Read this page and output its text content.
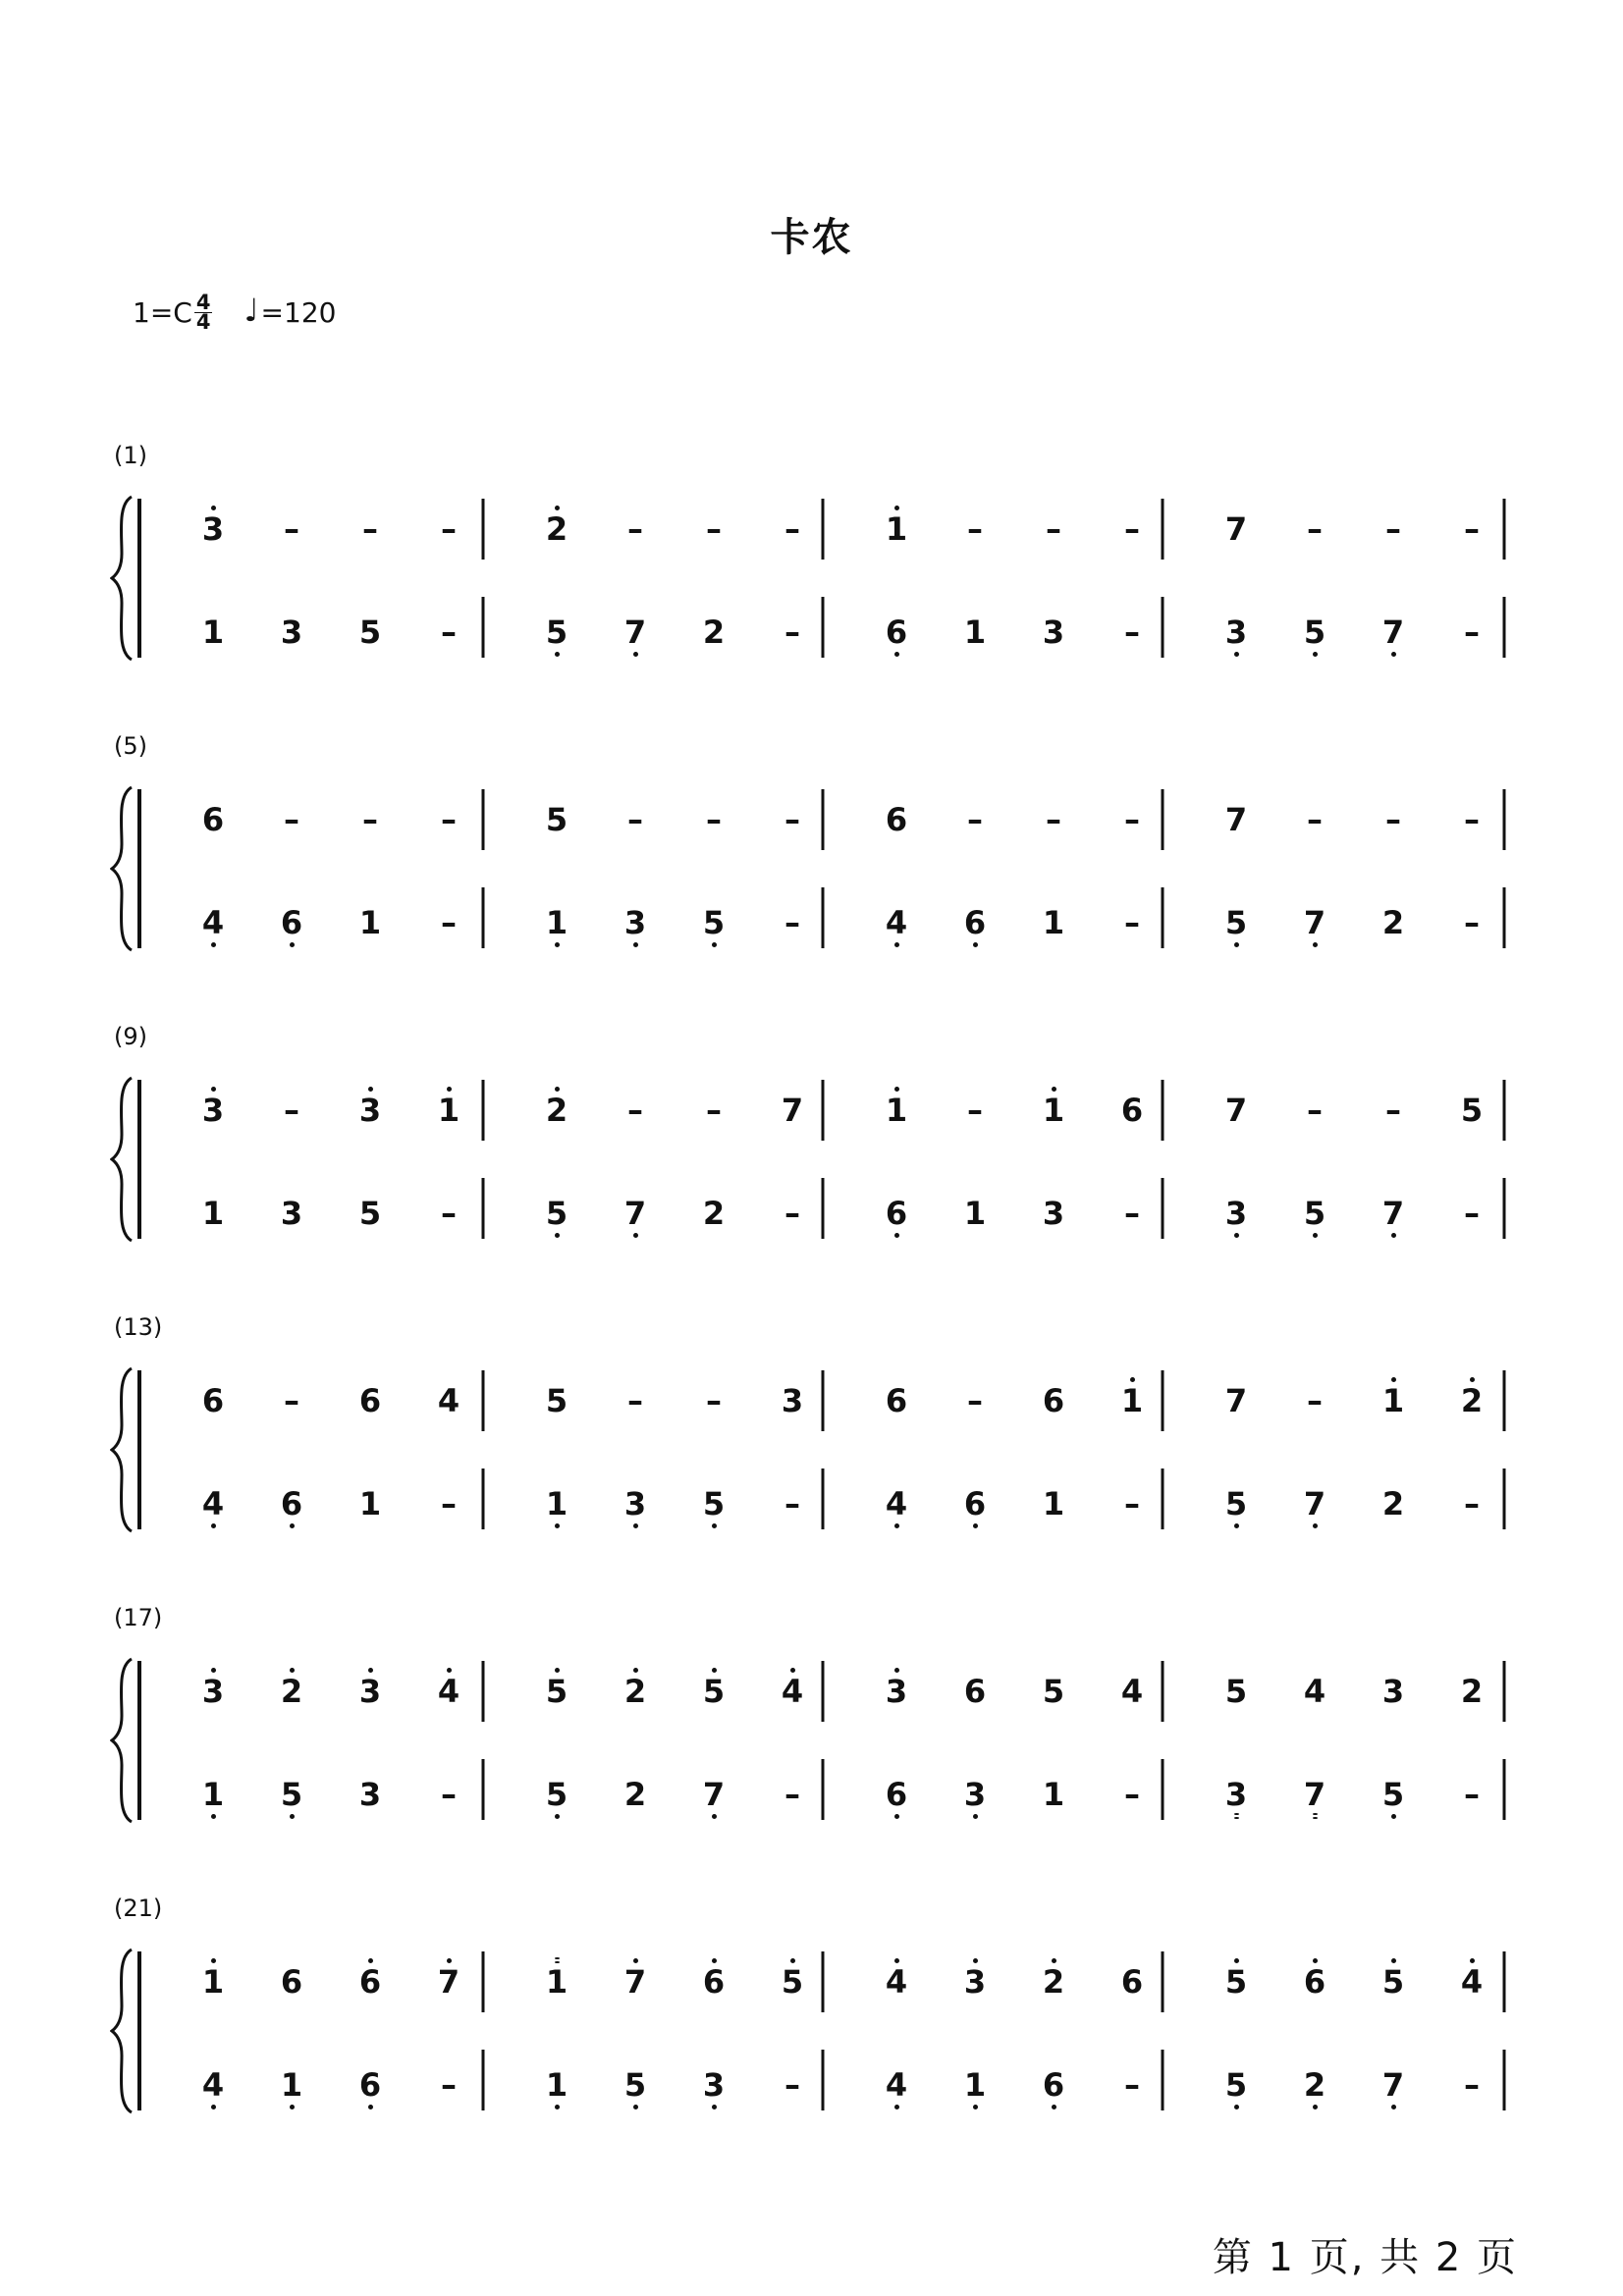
卡农
$1=C \frac{4}{4}$ ♩ =120
(1)
3 – – –	2 – – –	1 – – –	7 – – –
1 3 5 –	5 7 2 –	6 1 3 –	3 5 7 –
(5)
6 – – –	5 – – –	6 – – –	7 – – –
4 6 1 –	1 3 5 –	4 6 1 –	5 7 2 –
(9)
3 – 3 1	2 – – 7	1 – 1 6	7 – – 5
1 3 5 –	5 7 2 –	6 1 3 –	3 5 7 –
(13)
6 – 6 4	5 – – 3	6 – 6 1	7 – 1 2
4 6 1 –	1 3 5 –	4 6 1 –	5 7 2 –
(17)
3 2 3 4	5 2 5 4	3 6 5 4	5 4 3 2
1 5 3 –	5 2 7 –	6 3 1 –	3 7 5 –
(21)
1 6 6 7	1 7 6 5	4 3 2 6	5 6 5 4
4 1 6 –	1 5 3 –	4 1 6 –	5 2 7 –
第 1 页, 共 2 页
